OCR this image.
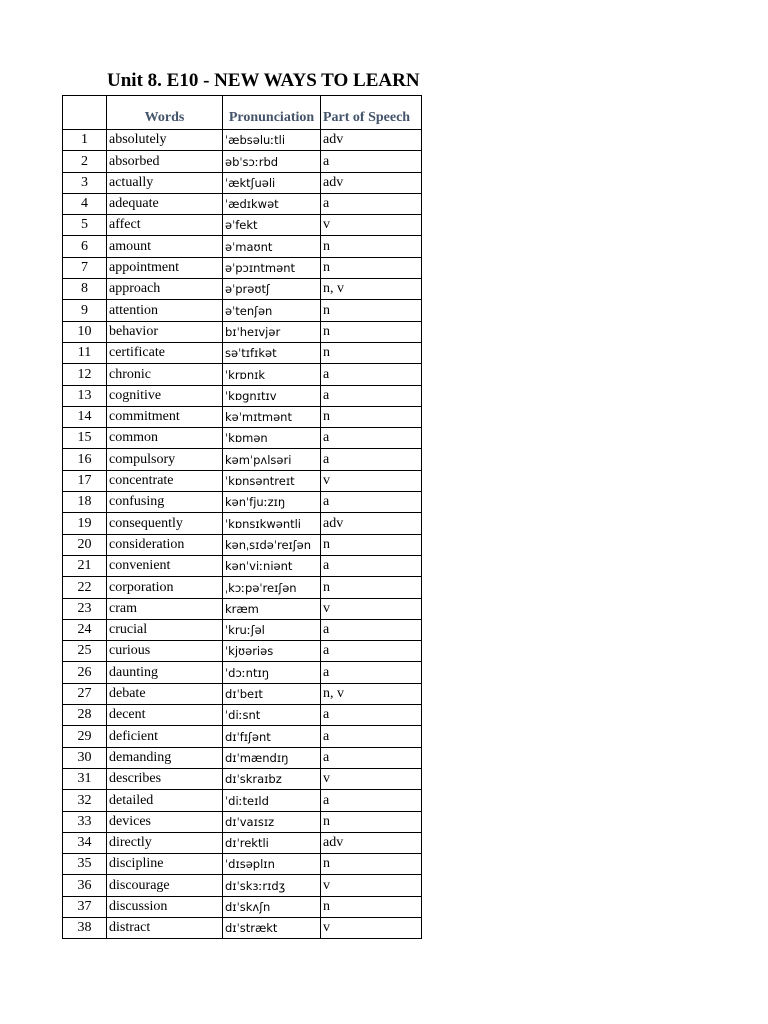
Unit 8. E10 - NEW WAYS TO LEARN
	Words	Pronunciation	Part of Speech
1	absolutely	ˈæbsəluːtli	adv
2	absorbed	əbˈsɔːrbd	a
3	actually	ˈæktʃuəli	adv
4	adequate	ˈædɪkwət	a
5	affect	əˈfekt	v
6	amount	əˈmaʊnt	n
7	appointment	əˈpɔɪntmənt	n
8	approach	əˈprəʊtʃ	n, v
9	attention	əˈtenʃən	n
10	behavior	bɪˈheɪvjər	n
11	certificate	səˈtɪfɪkət	n
12	chronic	ˈkrɒnɪk	a
13	cognitive	ˈkɒgnɪtɪv	a
14	commitment	kəˈmɪtmənt	n
15	common	ˈkɒmən	a
16	compulsory	kəmˈpʌlsəri	a
17	concentrate	ˈkɒnsəntreɪt	v
18	confusing	kənˈfjuːzɪŋ	a
19	consequently	ˈkɒnsɪkwəntli	adv
20	consideration	kənˌsɪdəˈreɪʃən	n
21	convenient	kənˈviːniənt	a
22	corporation	ˌkɔːpəˈreɪʃən	n
23	cram	kræm	v
24	crucial	ˈkruːʃəl	a
25	curious	ˈkjʊəriəs	a
26	daunting	ˈdɔːntɪŋ	a
27	debate	dɪˈbeɪt	n, v
28	decent	ˈdiːsnt	a
29	deficient	dɪˈfɪʃənt	a
30	demanding	dɪˈmændɪŋ	a
31	describes	dɪˈskraɪbz	v
32	detailed	ˈdiːteɪld	a
33	devices	dɪˈvaɪsɪz	n
34	directly	dɪˈrektli	adv
35	discipline	ˈdɪsəplɪn	n
36	discourage	dɪˈskɜːrɪdʒ	v
37	discussion	dɪˈskʌʃn	n
38	distract	dɪˈstrækt	v
